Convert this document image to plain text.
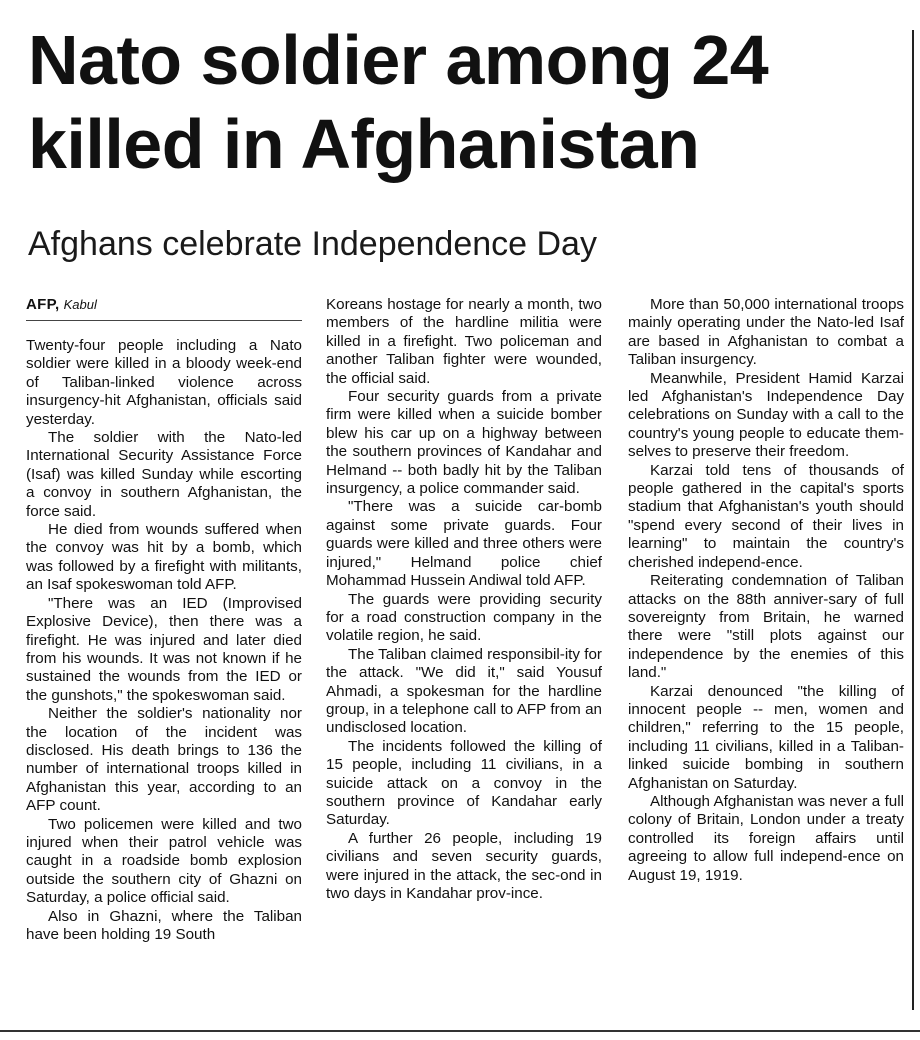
Nato soldier among 24 killed in Afghanistan
Afghans celebrate Independence Day
AFP, Kabul

Twenty-four people including a Nato soldier were killed in a bloody week-end of Taliban-linked violence across insurgency-hit Afghanistan, officials said yesterday.

The soldier with the Nato-led International Security Assistance Force (Isaf) was killed Sunday while escorting a convoy in southern Afghanistan, the force said.

He died from wounds suffered when the convoy was hit by a bomb, which was followed by a firefight with militants, an Isaf spokeswoman told AFP.

"There was an IED (Improvised Explosive Device), then there was a firefight. He was injured and later died from his wounds. It was not known if he sustained the wounds from the IED or the gunshots," the spokeswoman said.

Neither the soldier's nationality nor the location of the incident was disclosed. His death brings to 136 the number of international troops killed in Afghanistan this year, according to an AFP count.

Two policemen were killed and two injured when their patrol vehicle was caught in a roadside bomb explosion outside the southern city of Ghazni on Saturday, a police official said.

Also in Ghazni, where the Taliban have been holding 19 South

Koreans hostage for nearly a month, two members of the hardline militia were killed in a firefight. Two policeman and another Taliban fighter were wounded, the official said.

Four security guards from a private firm were killed when a suicide bomber blew his car up on a highway between the southern provinces of Kandahar and Helmand -- both badly hit by the Taliban insurgency, a police commander said.

"There was a suicide car-bomb against some private guards. Four guards were killed and three others were injured," Helmand police chief Mohammad Hussein Andiwal told AFP.

The guards were providing security for a road construction company in the volatile region, he said.

The Taliban claimed responsibil-ity for the attack. "We did it," said Yousuf Ahmadi, a spokesman for the hardline group, in a telephone call to AFP from an undisclosed location.

The incidents followed the killing of 15 people, including 11 civilians, in a suicide attack on a convoy in the southern province of Kandahar early Saturday.

A further 26 people, including 19 civilians and seven security guards, were injured in the attack, the sec-ond in two days in Kandahar prov-ince.

More than 50,000 international troops mainly operating under the Nato-led Isaf are based in Afghanistan to combat a Taliban insurgency.

Meanwhile, President Hamid Karzai led Afghanistan's Independence Day celebrations on Sunday with a call to the country's young people to educate them-selves to preserve their freedom.

Karzai told tens of thousands of people gathered in the capital's sports stadium that Afghanistan's youth should "spend every second of their lives in learning" to maintain the country's cherished independ-ence.

Reiterating condemnation of Taliban attacks on the 88th anniver-sary of full sovereignty from Britain, he warned there were "still plots against our independence by the enemies of this land."

Karzai denounced "the killing of innocent people -- men, women and children," referring to the 15 people, including 11 civilians, killed in a Taliban-linked suicide bombing in southern Afghanistan on Saturday.

Although Afghanistan was never a full colony of Britain, London under a treaty controlled its foreign affairs until agreeing to allow full independ-ence on August 19, 1919.
